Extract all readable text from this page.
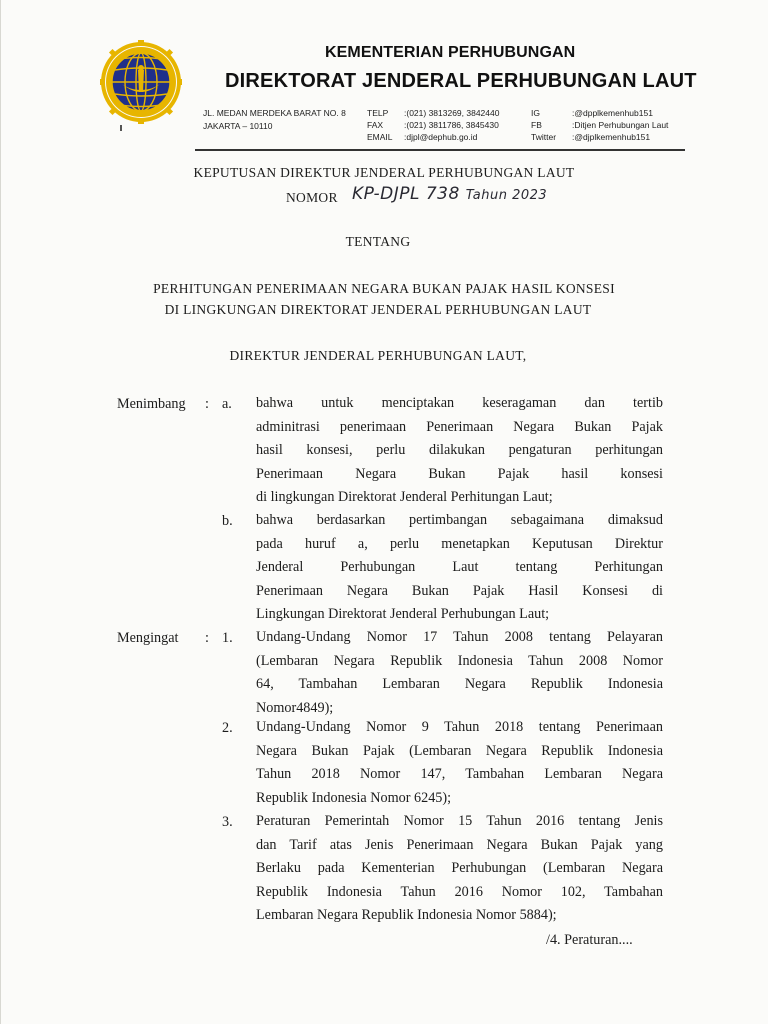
KEMENTERIAN PERHUBUNGAN
DIREKTORAT JENDERAL PERHUBUNGAN LAUT
JL. MEDAN MERDEKA BARAT NO. 8
JAKARTA – 10110
TELP :(021) 3813269, 3842440
FAX :(021) 3811786, 3845430
EMAIL :djpl@dephub.go.id
IG	:@dpplkemenhub151
FB	:Ditjen Perhubungan Laut
Twitter :@djplkemenhub151
KEPUTUSAN DIREKTUR JENDERAL PERHUBUNGAN LAUT
NOMOR KP-DJPL 738 Tahun 2023
TENTANG
PERHITUNGAN PENERIMAAN NEGARA BUKAN PAJAK HASIL KONSESI
DI LINGKUNGAN DIREKTORAT JENDERAL PERHUBUNGAN LAUT
DIREKTUR JENDERAL PERHUBUNGAN LAUT,
Menimbang : a. bahwa untuk menciptakan keseragaman dan tertib
adminitrasi penerimaan Penerimaan Negara Bukan Pajak
hasil konsesi, perlu dilakukan pengaturan perhitungan
Penerimaan Negara Bukan Pajak hasil konsesi
di lingkungan Direktorat Jenderal Perhitungan Laut;
b. bahwa berdasarkan pertimbangan sebagaimana dimaksud
pada huruf a, perlu menetapkan Keputusan Direktur
Jenderal Perhubungan Laut tentang Perhitungan
Penerimaan Negara Bukan Pajak Hasil Konsesi di
Lingkungan Direktorat Jenderal Perhubungan Laut;
Mengingat : 1. Undang-Undang Nomor 17 Tahun 2008 tentang Pelayaran
(Lembaran Negara Republik Indonesia Tahun 2008 Nomor
64, Tambahan Lembaran Negara Republik Indonesia
Nomor4849);
2. Undang-Undang Nomor 9 Tahun 2018 tentang Penerimaan
Negara Bukan Pajak (Lembaran Negara Republik Indonesia
Tahun 2018 Nomor 147, Tambahan Lembaran Negara
Republik Indonesia Nomor 6245);
3. Peraturan Pemerintah Nomor 15 Tahun 2016 tentang Jenis
dan Tarif atas Jenis Penerimaan Negara Bukan Pajak yang
Berlaku pada Kementerian Perhubungan (Lembaran Negara
Republik Indonesia Tahun 2016 Nomor 102, Tambahan
Lembaran Negara Republik Indonesia Nomor 5884);
/4. Peraturan....
